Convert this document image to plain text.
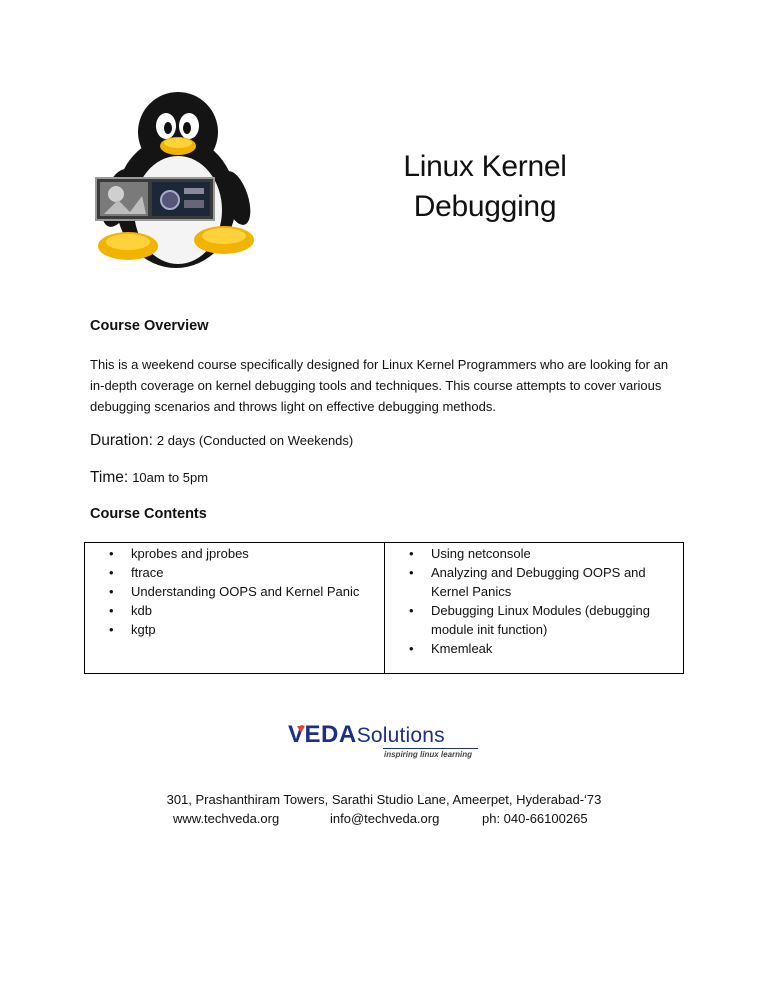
Linux Kernel
Debugging
Course Overview
This is a weekend course specifically designed for Linux Kernel Programmers who are looking for an in-depth coverage on kernel debugging tools and techniques. This course attempts to cover various debugging scenarios and throws light on effective debugging methods.
Duration: 2 days (Conducted on Weekends)
Time: 10am to 5pm
Course Contents
• kprobes and jprobes
• ftrace
• Understanding OOPS and Kernel Panic
• kdb
• kgtp
• Using netconsole
• Analyzing and Debugging OOPS and Kernel Panics
• Debugging Linux Modules (debugging module init function)
• Kmemleak
VEDASolutions
inspiring linux learning
301, Prashanthiram Towers, Sarathi Studio Lane, Ameerpet, Hyderabad-‘73
www.techveda.org	info@techveda.org	ph: 040-66100265
